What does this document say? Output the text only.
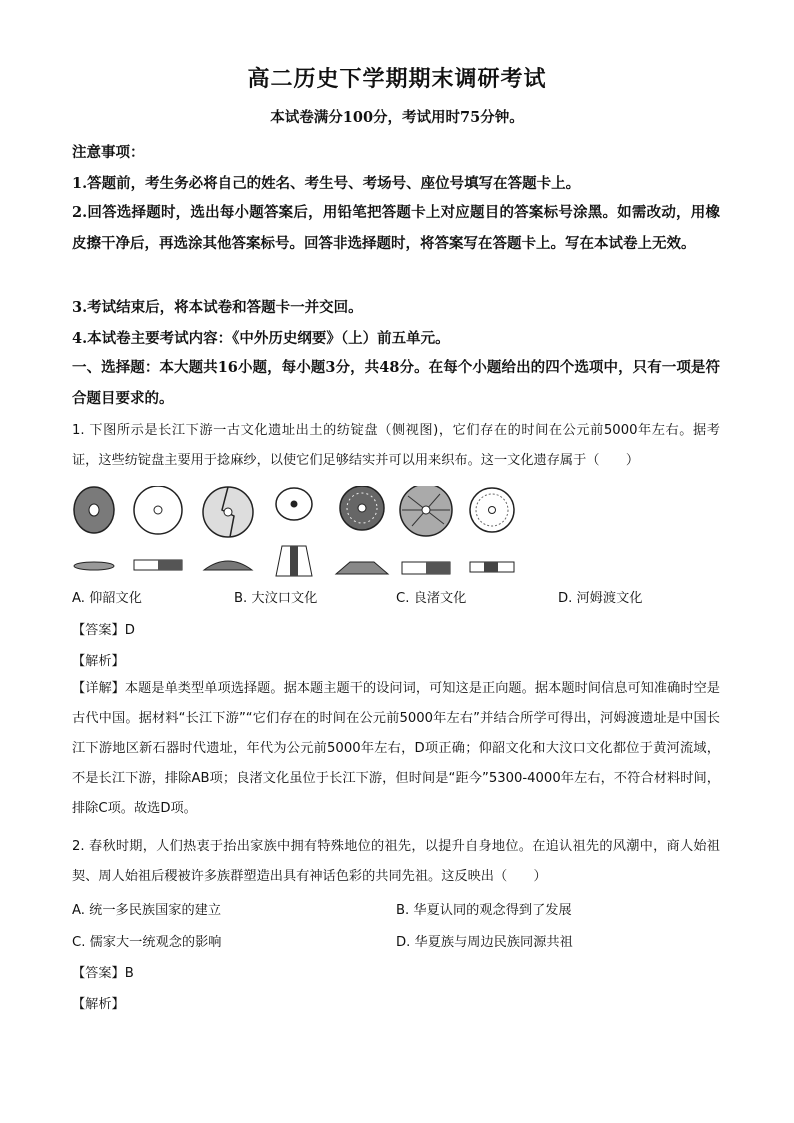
高二历史下学期期末调研考试
本试卷满分100分，考试用时75分钟。
注意事项：
1.答题前，考生务必将自己的姓名、考生号、考场号、座位号填写在答题卡上。
2.回答选择题时，选出每小题答案后，用铅笔把答题卡上对应题目的答案标号涂黑。如需改动，用橡皮擦干净后，再选涂其他答案标号。回答非选择题时，将答案写在答题卡上。写在本试卷上无效。
3.考试结束后，将本试卷和答题卡一并交回。
4.本试卷主要考试内容：《中外历史纲要》（上）前五单元。
一、选择题：本大题共16小题，每小题3分，共48分。在每个小题给出的四个选项中，只有一项是符合题目要求的。
1. 下图所示是长江下游一古文化遗址出土的纺锭盘（侧视图)，它们存在的时间在公元前5000年左右。据考证，这些纺锭盘主要用于捻麻纱，以使它们足够结实并可以用来织布。这一文化遗存属于（　　）
A. 仰韶文化	B. 大汶口文化	C. 良渚文化	D. 河姆渡文化
【答案】D
【解析】
【详解】本题是单类型单项选择题。据本题主题干的设问词，可知这是正向题。据本题时间信息可知准确时空是古代中国。据材料“长江下游”“它们存在的时间在公元前5000年左右”并结合所学可得出，河姆渡遗址是中国长江下游地区新石器时代遗址，年代为公元前5000年左右，D项正确；仰韶文化和大汶口文化都位于黄河流域，不是长江下游，排除AB项；良渚文化虽位于长江下游，但时间是“距今”5300-4000年左右，不符合材料时间，排除C项。故选D项。
2. 春秋时期，人们热衷于抬出家族中拥有特殊地位的祖先，以提升自身地位。在追认祖先的风潮中，商人始祖契、周人始祖后稷被许多族群塑造出具有神话色彩的共同先祖。这反映出（　　）
A. 统一多民族国家的建立	B. 华夏认同的观念得到了发展
C. 儒家大一统观念的影响	D. 华夏族与周边民族同源共祖
【答案】B
【解析】
